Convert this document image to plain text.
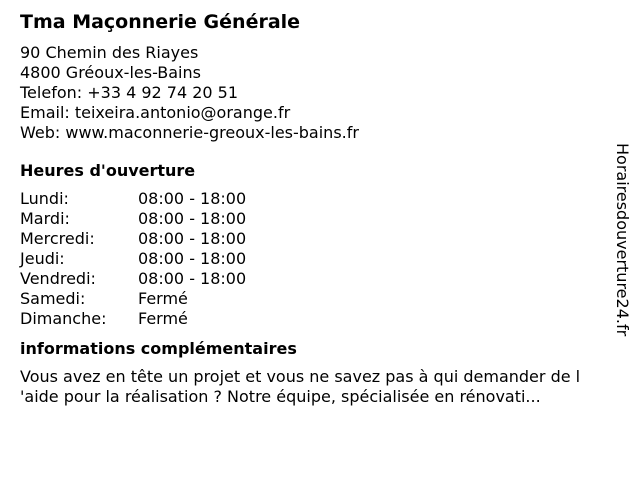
Tma Maçonnerie Générale
90 Chemin des Riayes
4800 Gréoux-les-Bains
Telefon: +33 4 92 74 20 51
Email: teixeira.antonio@orange.fr
Web: www.maconnerie-greoux-les-bains.fr
Heures d'ouverture
Lundi:	08:00 - 18:00
Mardi:	08:00 - 18:00
Mercredi:	08:00 - 18:00
Jeudi:	08:00 - 18:00
Vendredi:	08:00 - 18:00
Samedi:	Fermé
Dimanche:	Fermé
informations complémentaires
Vous avez en tête un projet et vous ne savez pas à qui demander de l
'aide pour la réalisation ? Notre équipe, spécialisée en rénovati...
Horairesdouverture24.fr
